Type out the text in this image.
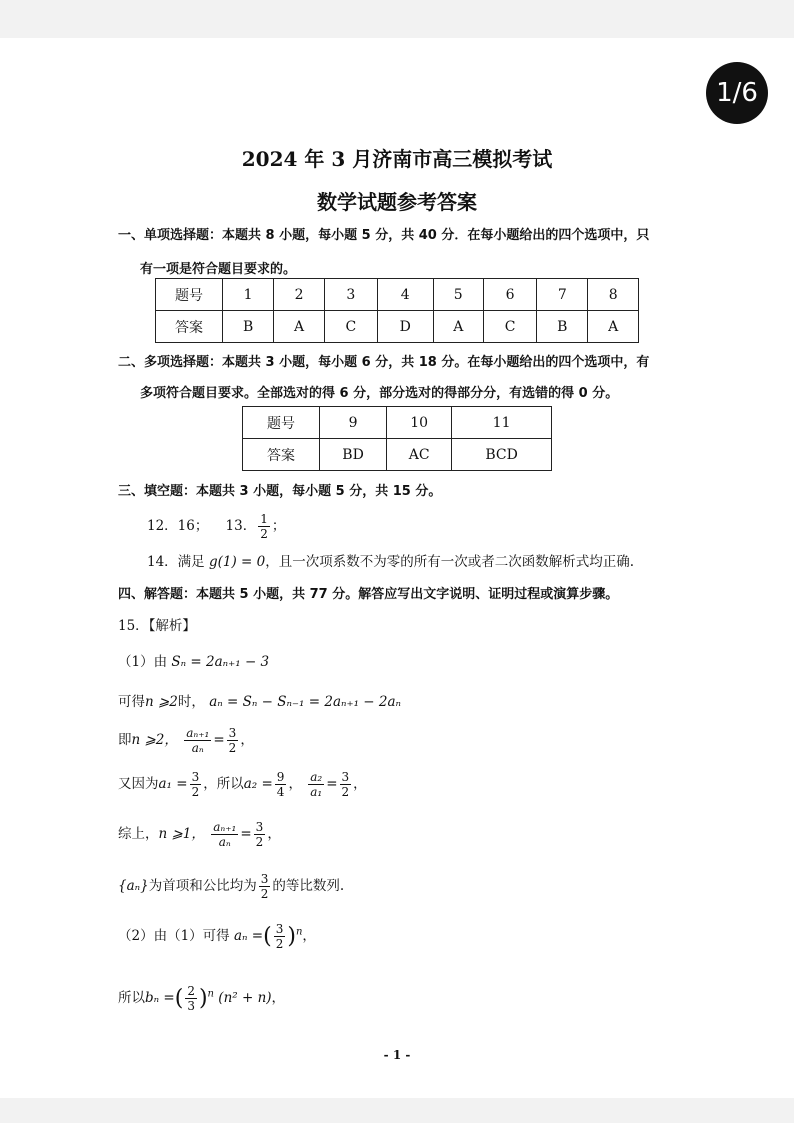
1/6
2024 年 3 月济南市高三模拟考试
数学试题参考答案
一、单项选择题：本题共 8 小题，每小题 5 分，共 40 分．在每小题给出的四个选项中，只
有一项是符合题目要求的。
题号	1	2	3	4	5	6	7	8
答案	B	A	C	D	A	C	B	A
二、多项选择题：本题共 3 小题，每小题 6 分，共 18 分。在每小题给出的四个选项中，有
多项符合题目要求。全部选对的得 6 分，部分选对的得部分分，有选错的得 0 分。
题号	9	10	11
答案	BD	AC	BCD
三、填空题：本题共 3 小题，每小题 5 分，共 15 分。
12．16； 13． $\frac{1}{2}$ ；
14．满足 g(1) = 0，且一次项系数不为零的所有一次或者二次函数解析式均正确.
四、解答题：本题共 5 小题，共 77 分。解答应写出文字说明、证明过程或演算步骤。
15．【解析】
（1）由 Sₙ = 2aₙ₊₁ − 3
可得n ⩾2时， aₙ = Sₙ − Sₙ₋₁ = 2aₙ₊₁ − 2aₙ
即n ⩾2， $\frac{\text{aₙ₊₁}}{\text{aₙ}} = \frac{3}{2}$ ，
又因为$a_1 = \frac{3}{2}$ ，所以$a_2 = \frac{9}{4}$ ， $\frac{\text{a₂}}{\text{a₁}} = \frac{3}{2}$ ，
综上，n ⩾1， $\frac{\text{aₙ₊₁}}{\text{aₙ}} = \frac{3}{2}$ ，
{aₙ}为首项和公比均为 $\frac{3}{2}$ 的等比数列.
（2）由（1）可得 aₙ =( $\frac{3}{2} )^n$，
所以bₙ =( $\frac{2}{3} )^n$ (n² + n)，
- 1 -
